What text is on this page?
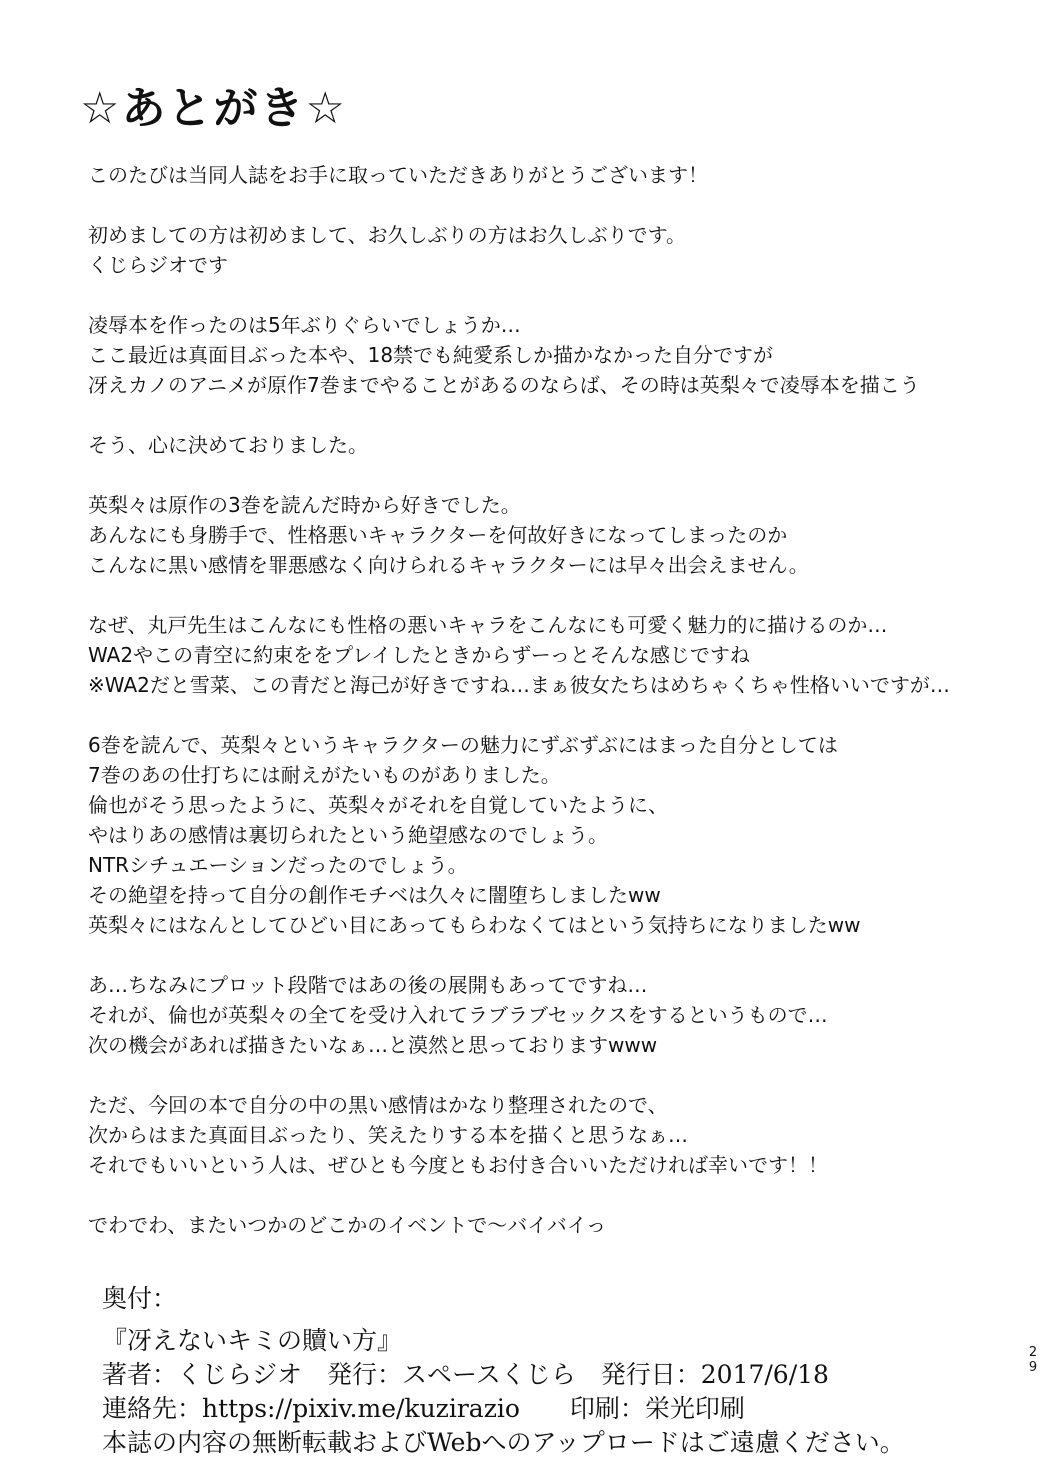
☆あとがき☆

このたびは当同人誌をお手に取っていただきありがとうございます！

初めましての方は初めまして、お久しぶりの方はお久しぶりです。
くじらジオです

凌辱本を作ったのは5年ぶりぐらいでしょうか…
ここ最近は真面目ぶった本や、18禁でも純愛系しか描かなかった自分ですが
冴えカノのアニメが原作7巻までやることがあるのならば、その時は英梨々で凌辱本を描こう

そう、心に決めておりました。

英梨々は原作の3巻を読んだ時から好きでした。
あんなにも身勝手で、性格悪いキャラクターを何故好きになってしまったのか
こんなに黒い感情を罪悪感なく向けられるキャラクターには早々出会えません。

なぜ、丸戸先生はこんなにも性格の悪いキャラをこんなにも可愛く魅力的に描けるのか…
WA2やこの青空に約束ををプレイしたときからずーっとそんな感じですね
※WA2だと雪菜、この青だと海己が好きですね…まぁ彼女たちはめちゃくちゃ性格いいですが…

6巻を読んで、英梨々というキャラクターの魅力にずぶずぶにはまった自分としては
7巻のあの仕打ちには耐えがたいものがありました。
倫也がそう思ったように、英梨々がそれを自覚していたように、
やはりあの感情は裏切られたという絶望感なのでしょう。
NTRシチュエーションだったのでしょう。
その絶望を持って自分の創作モチベは久々に闇堕ちしましたww
英梨々にはなんとしてひどい目にあってもらわなくてはという気持ちになりましたww

あ…ちなみにプロット段階ではあの後の展開もあってですね…
それが、倫也が英梨々の全てを受け入れてラブラブセックスをするというもので…
次の機会があれば描きたいなぁ…と漠然と思っておりますwww

ただ、今回の本で自分の中の黒い感情はかなり整理されたので、
次からはまた真面目ぶったり、笑えたりする本を描くと思うなぁ…
それでもいいという人は、ぜひとも今度ともお付き合いいただければ幸いです！！

でわでわ、またいつかのどこかのイベントで～バイバイっ

奥付：
『冴えないキミの贖い方』
著者：くじらジオ　発行：スペースくじら　発行日：2017/6/18
連絡先：https://pixiv.me/kuzirazio　　印刷：栄光印刷
本誌の内容の無断転載およびWebへのアップロードはご遠慮ください。
29
